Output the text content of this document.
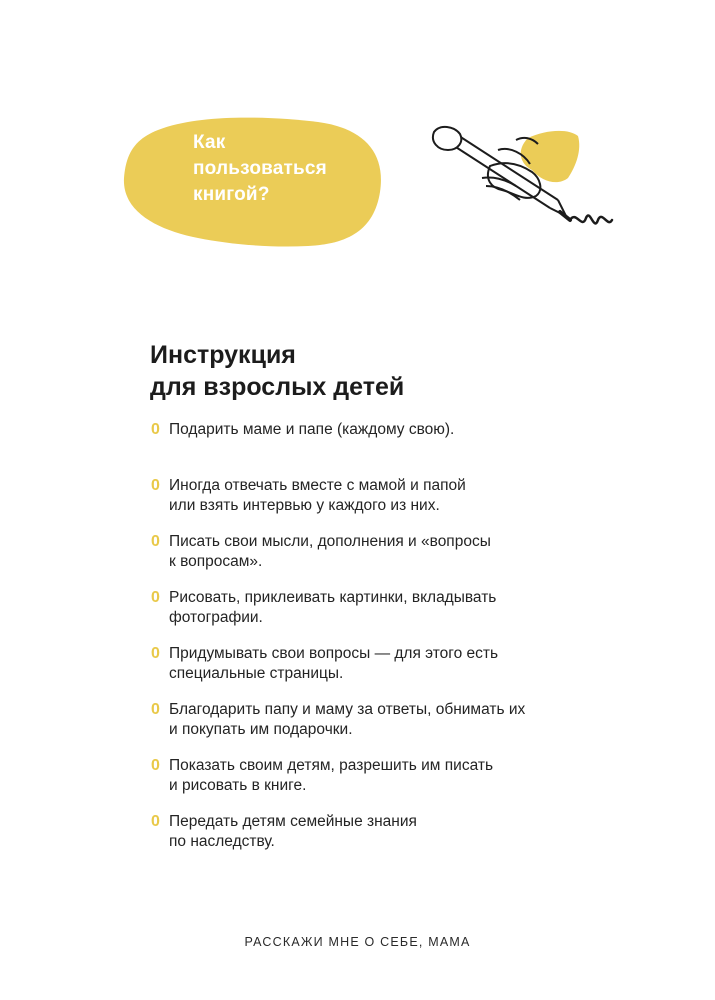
Как
пользоваться
книгой?
Инструкция
для взрослых детей
0 Подарить маме и папе (каждому свою).
0 Иногда отвечать вместе с мамой и папой
или взять интервью у каждого из них.
0 Писать свои мысли, дополнения и «вопросы
к вопросам».
0 Рисовать, приклеивать картинки, вкладывать
фотографии.
0 Придумывать свои вопросы — для этого есть
специальные страницы.
0 Благодарить папу и маму за ответы, обнимать их
и покупать им подарочки.
0 Показать своим детям, разрешить им писать
и рисовать в книге.
0 Передать детям семейные знания
по наследству.
РАССКАЖИ МНЕ О СЕБЕ, МАМА
